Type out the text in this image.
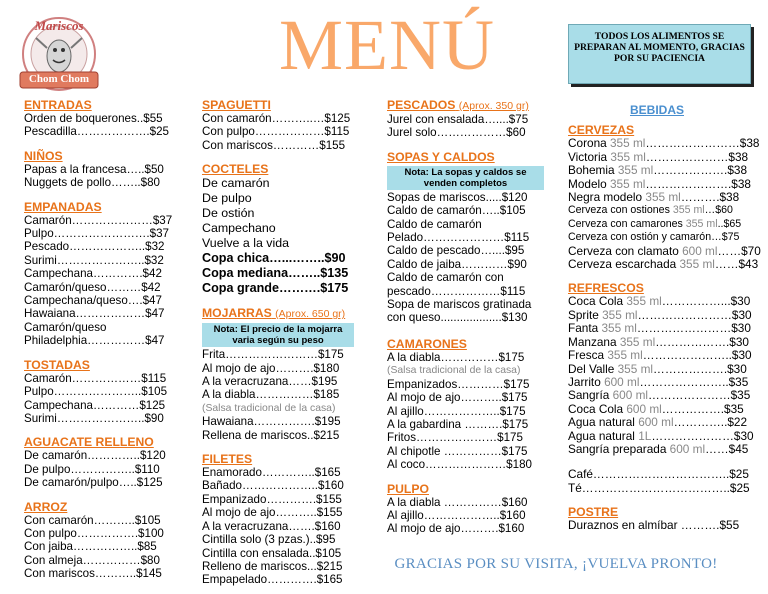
Mariscos
Chom Chom	MENÚ	TODOS LOS ALIMENTOS SE PREPARAN AL MOMENTO, GRACIAS POR SU PACIENCIA
ENTRADAS
Orden de boquerones..$55
Pescadilla……………….$25
NIÑOS
Papas a la francesa…..$50
Nuggets de pollo……..$80
EMPANADAS
Camarón…………………$37
Pulpo…………………….$37
Pescado………………..$32
Surimi…………………..$32
Campechana………….$42
Camarón/queso………$42
Campechana/queso….$47
Hawaiana………………$47
Camarón/queso
Philadelphia……………$47
TOSTADAS
Camarón………………$115
Pulpo…………………..$105
Campechana…………$125
Surimi…………………..$90
AGUACATE RELLENO
De camarón…………..$120
De pulpo……………..$110
De camarón/pulpo…..$125
ARROZ
Con camarón………..$105
Con pulpo…………….$100
Con jaiba……………..$85
Con almeja……………$80
Con mariscos………..$145
SPAGUETTI
Con camarón………..…$125
Con pulpo………………$115
Con mariscos…………$155
COCTELES
De camarón
De pulpo
De ostión
Campechano
Vuelve a la vida
Copa chica…...……..$90
Copa mediana……..$135
Copa grande……….$175
MOJARRAS (Aprox. 650 gr)
Nota: El precio de la mojarra varia según su peso
Frita……………………$175
Al mojo de ajo……….$180
A la veracruzana……$195
A la diabla……………$185
(Salsa tradicional de la casa)
Hawaiana…………….$195
Rellena de mariscos..$215
FILETES
Enamorado…………..$165
Bañado………………..$160
Empanizado………….$155
Al mojo de ajo………..$155
A la veracruzana…….$160
Cintilla solo (3 pzas.)..$95
Cintilla con ensalada..$105
Relleno de mariscos...$215
Empapelado………….$165
PESCADOS (Aprox. 350 gr)
Jurel con ensalada…....$75
Jurel solo………………$60
SOPAS Y CALDOS
Nota: La sopas y caldos se venden completos
Sopas de mariscos.....$120
Caldo de camarón…..$105
Caldo de camarón
Pelado…………………$115
Caldo de pescado…....$95
Caldo de jaiba…………$90
Caldo de camarón con
pescado………………$115
Sopa de mariscos gratinada
con queso...................$130
CAMARONES
A la diabla……………$175
(Salsa tradicional de la casa)
Empanizados…………$175
Al mojo de ajo………..$175
Al ajillo………………..$175
A la gabardina ……….$175
Fritos…………………$175
Al chipotle ……………$175
Al coco…………………$180
PULPO
A la diabla ……………$160
Al ajillo………………..$160
Al mojo de ajo……….$160
BEBIDAS
CERVEZAS
Corona 355 ml……………………$38
Victoria 355 ml…………………$38
Bohemia 355 ml……………….$38
Modelo 355 ml………………….$38
Negra modelo 355 ml……….$38
Cerveza con ostiones 355 ml…$60
Cerveza con camarones 355 ml..$65
Cerveza con ostión y camarón…$75
Cerveza con clamato 600 ml……$70
Cerveza escarchada 355 ml……$43
REFRESCOS
Coca Cola 355 ml……………...$30
Sprite 355 ml……………………$30
Fanta 355 ml……………………$30
Manzana 355 ml……………….$30
Fresca 355 ml…………………..$30
Del Valle 355 ml……………….$30
Jarrito 600 ml…………………..$35
Sangría 600 ml…………………$35
Coca Cola 600 ml…………….$35
Agua natural 600 ml…………..$22
Agua natural 1L…………………$30
Sangría preparada 600 ml……$45
Café……………………………..$25
Té………………………………..$25
POSTRE
Duraznos en almíbar ……….$55
GRACIAS POR SU VISITA, ¡VUELVA PRONTO!
